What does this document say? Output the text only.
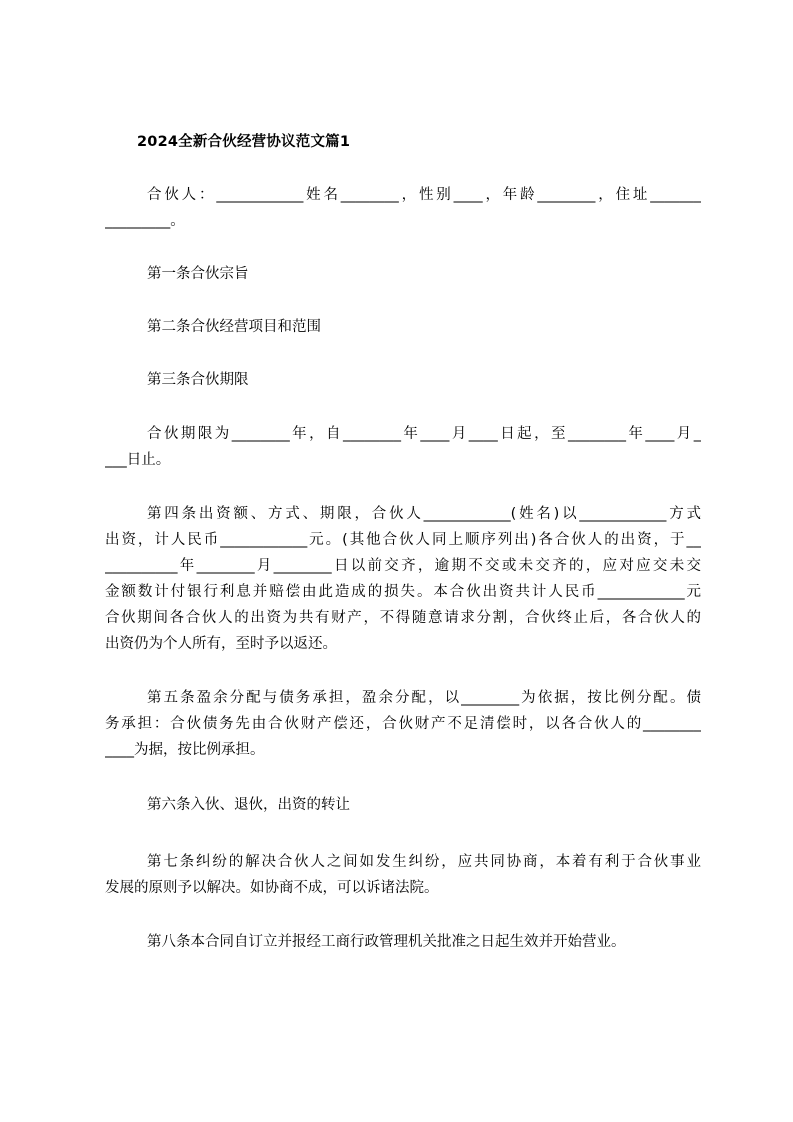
2024全新合伙经营协议范文篇1
合伙人：____________姓名________，性别____，年龄________，住址_______
_________。
第一条合伙宗旨
第二条合伙经营项目和范围
第三条合伙期限
合伙期限为________年，自________年____月____日起，至________年____月_
___日止。
第四条出资额、方式、期限，合伙人____________(姓名)以____________方式
出资，计人民币____________元。(其他合伙人同上顺序列出)各合伙人的出资，于__
__________年________月________日以前交齐，逾期不交或未交齐的，应对应交未交
金额数计付银行利息并赔偿由此造成的损失。本合伙出资共计人民币____________元
合伙期间各合伙人的出资为共有财产，不得随意请求分割，合伙终止后，各合伙人的
出资仍为个人所有，至时予以返还。
第五条盈余分配与债务承担，盈余分配，以________为依据，按比例分配。债
务承担：合伙债务先由合伙财产偿还，合伙财产不足清偿时，以各合伙人的________
____为据，按比例承担。
第六条入伙、退伙，出资的转让
第七条纠纷的解决合伙人之间如发生纠纷，应共同协商，本着有利于合伙事业
发展的原则予以解决。如协商不成，可以诉诸法院。
第八条本合同自订立并报经工商行政管理机关批准之日起生效并开始营业。
